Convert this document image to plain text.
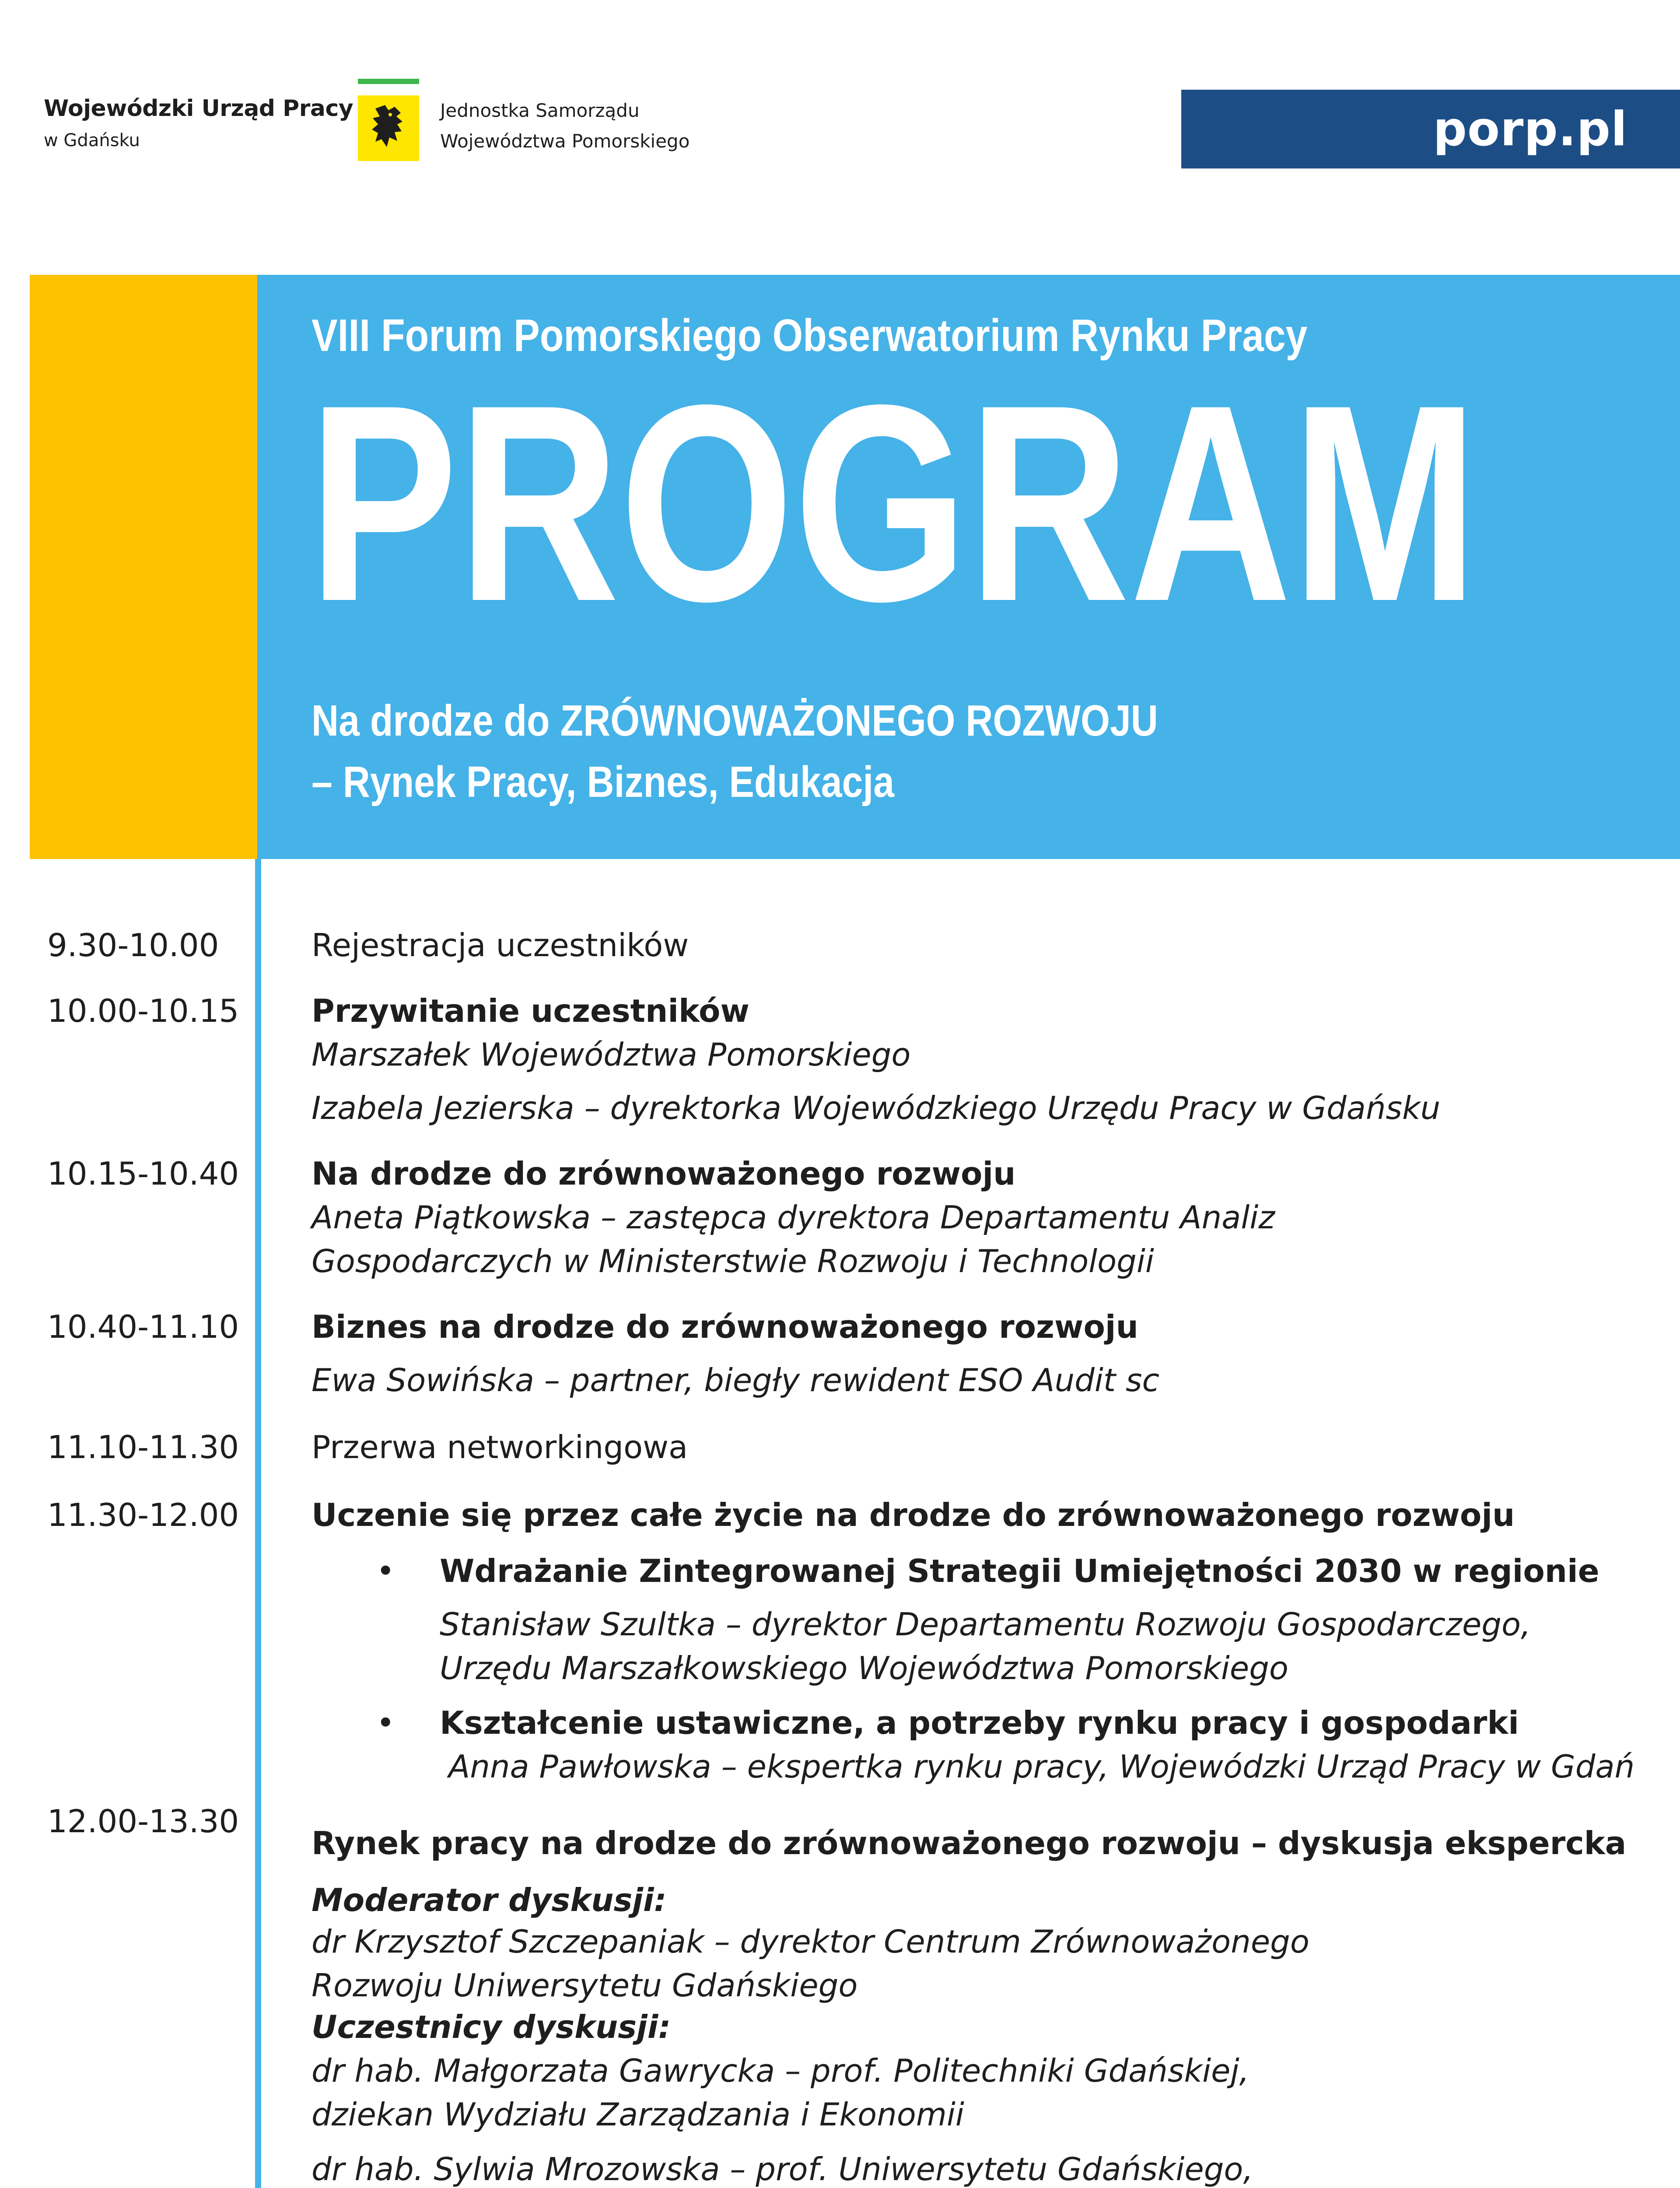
Wojewódzki Urząd Pracy
w Gdańsku
Jednostka Samorządu
Województwa Pomorskiego	porp.pl
VIII Forum Pomorskiego Obserwatorium Rynku Pracy
PROGRAM
Na drodze do ZRÓWNOWAŻONEGO ROZWOJU
– Rynek Pracy, Biznes, Edukacja
9.30-10.00	Rejestracja uczestników
10.00-10.15 Przywitanie uczestników
Marszałek Województwa Pomorskiego
Izabela Jezierska – dyrektorka Wojewódzkiego Urzędu Pracy w Gdańsku
10.15-10.40 Na drodze do zrównoważonego rozwoju
Aneta Piątkowska – zastępca dyrektora Departamentu Analiz
Gospodarczych w Ministerstwie Rozwoju i Technologii
10.40-11.10 Biznes na drodze do zrównoważonego rozwoju
Ewa Sowińska – partner, biegły rewident ESO Audit sc
11.10-11.30 Przerwa networkingowa
11.30-12.00 Uczenie się przez całe życie na drodze do zrównoważonego rozwoju
• Wdrażanie Zintegrowanej Strategii Umiejętności 2030 w regionie
Stanisław Szultka – dyrektor Departamentu Rozwoju Gospodarczego,
Urzędu Marszałkowskiego Województwa Pomorskiego
• Kształcenie ustawiczne, a potrzeby rynku pracy i gospodarki
Anna Pawłowska – ekspertka rynku pracy, Wojewódzki Urząd Pracy w Gdań
12.00-13.30
Rynek pracy na drodze do zrównoważonego rozwoju – dyskusja ekspercka
Moderator dyskusji:
dr Krzysztof Szczepaniak – dyrektor Centrum Zrównoważonego
Rozwoju Uniwersytetu Gdańskiego
Uczestnicy dyskusji:
dr hab. Małgorzata Gawrycka – prof. Politechniki Gdańskiej,
dziekan Wydziału Zarządzania i Ekonomii
dr hab. Sylwia Mrozowska – prof. Uniwersytetu Gdańskiego,
